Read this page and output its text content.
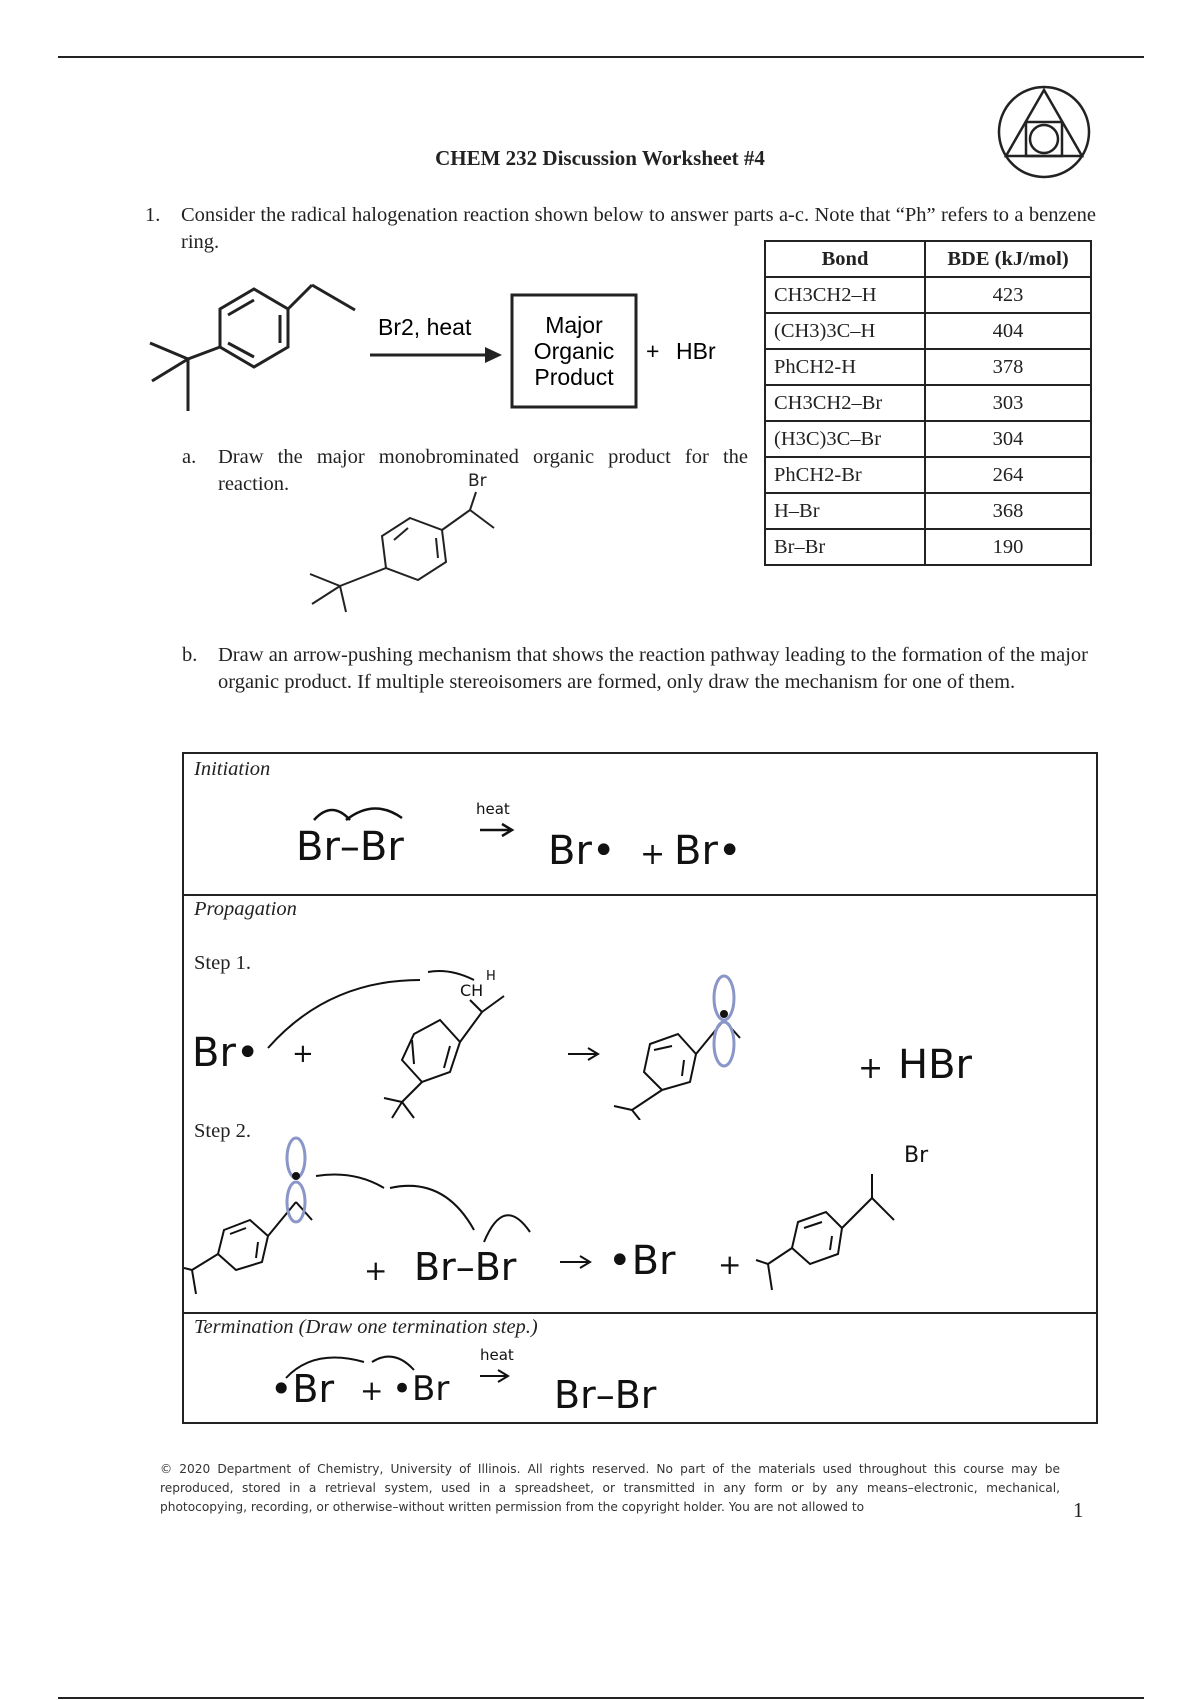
CHEM 232 Discussion Worksheet #4
1. Consider the radical halogenation reaction shown below to answer parts a-c. Note that “Ph” refers to a benzene ring.
Br2, heat	Major
Organic
Product
+ HBr
Bond	BDE (kJ/mol)
CH3CH2–H	423
(CH3)3C–H	404
PhCH2-H	378
CH3CH2–Br	303
(H3C)3C–Br	304
PhCH2-Br	264
H–Br	368
Br–Br	190
a. Draw the major monobrominated organic product for the reaction.	Br
b. Draw an arrow-pushing mechanism that shows the reaction pathway leading to the formation of the major organic product. If multiple stereoisomers are formed, only draw the mechanism for one of them.
Initiation
Propagation
Step 1.
Step 2.
Termination (Draw one termination step.)
Br–Br	Br• + Br•
heat
Br• +
CH
H
+ HBr
+ Br–Br •Br +
Br
•Br + •Br
heat
Br–Br
© 2020 Department of Chemistry, University of Illinois. All rights reserved. No part of the materials used throughout this course may be reproduced, stored in a retrieval system, used in a spreadsheet, or transmitted in any form or by any means–electronic, mechanical, photocopying, recording, or otherwise–without written permission from the copyright holder. You are not allowed to	1
